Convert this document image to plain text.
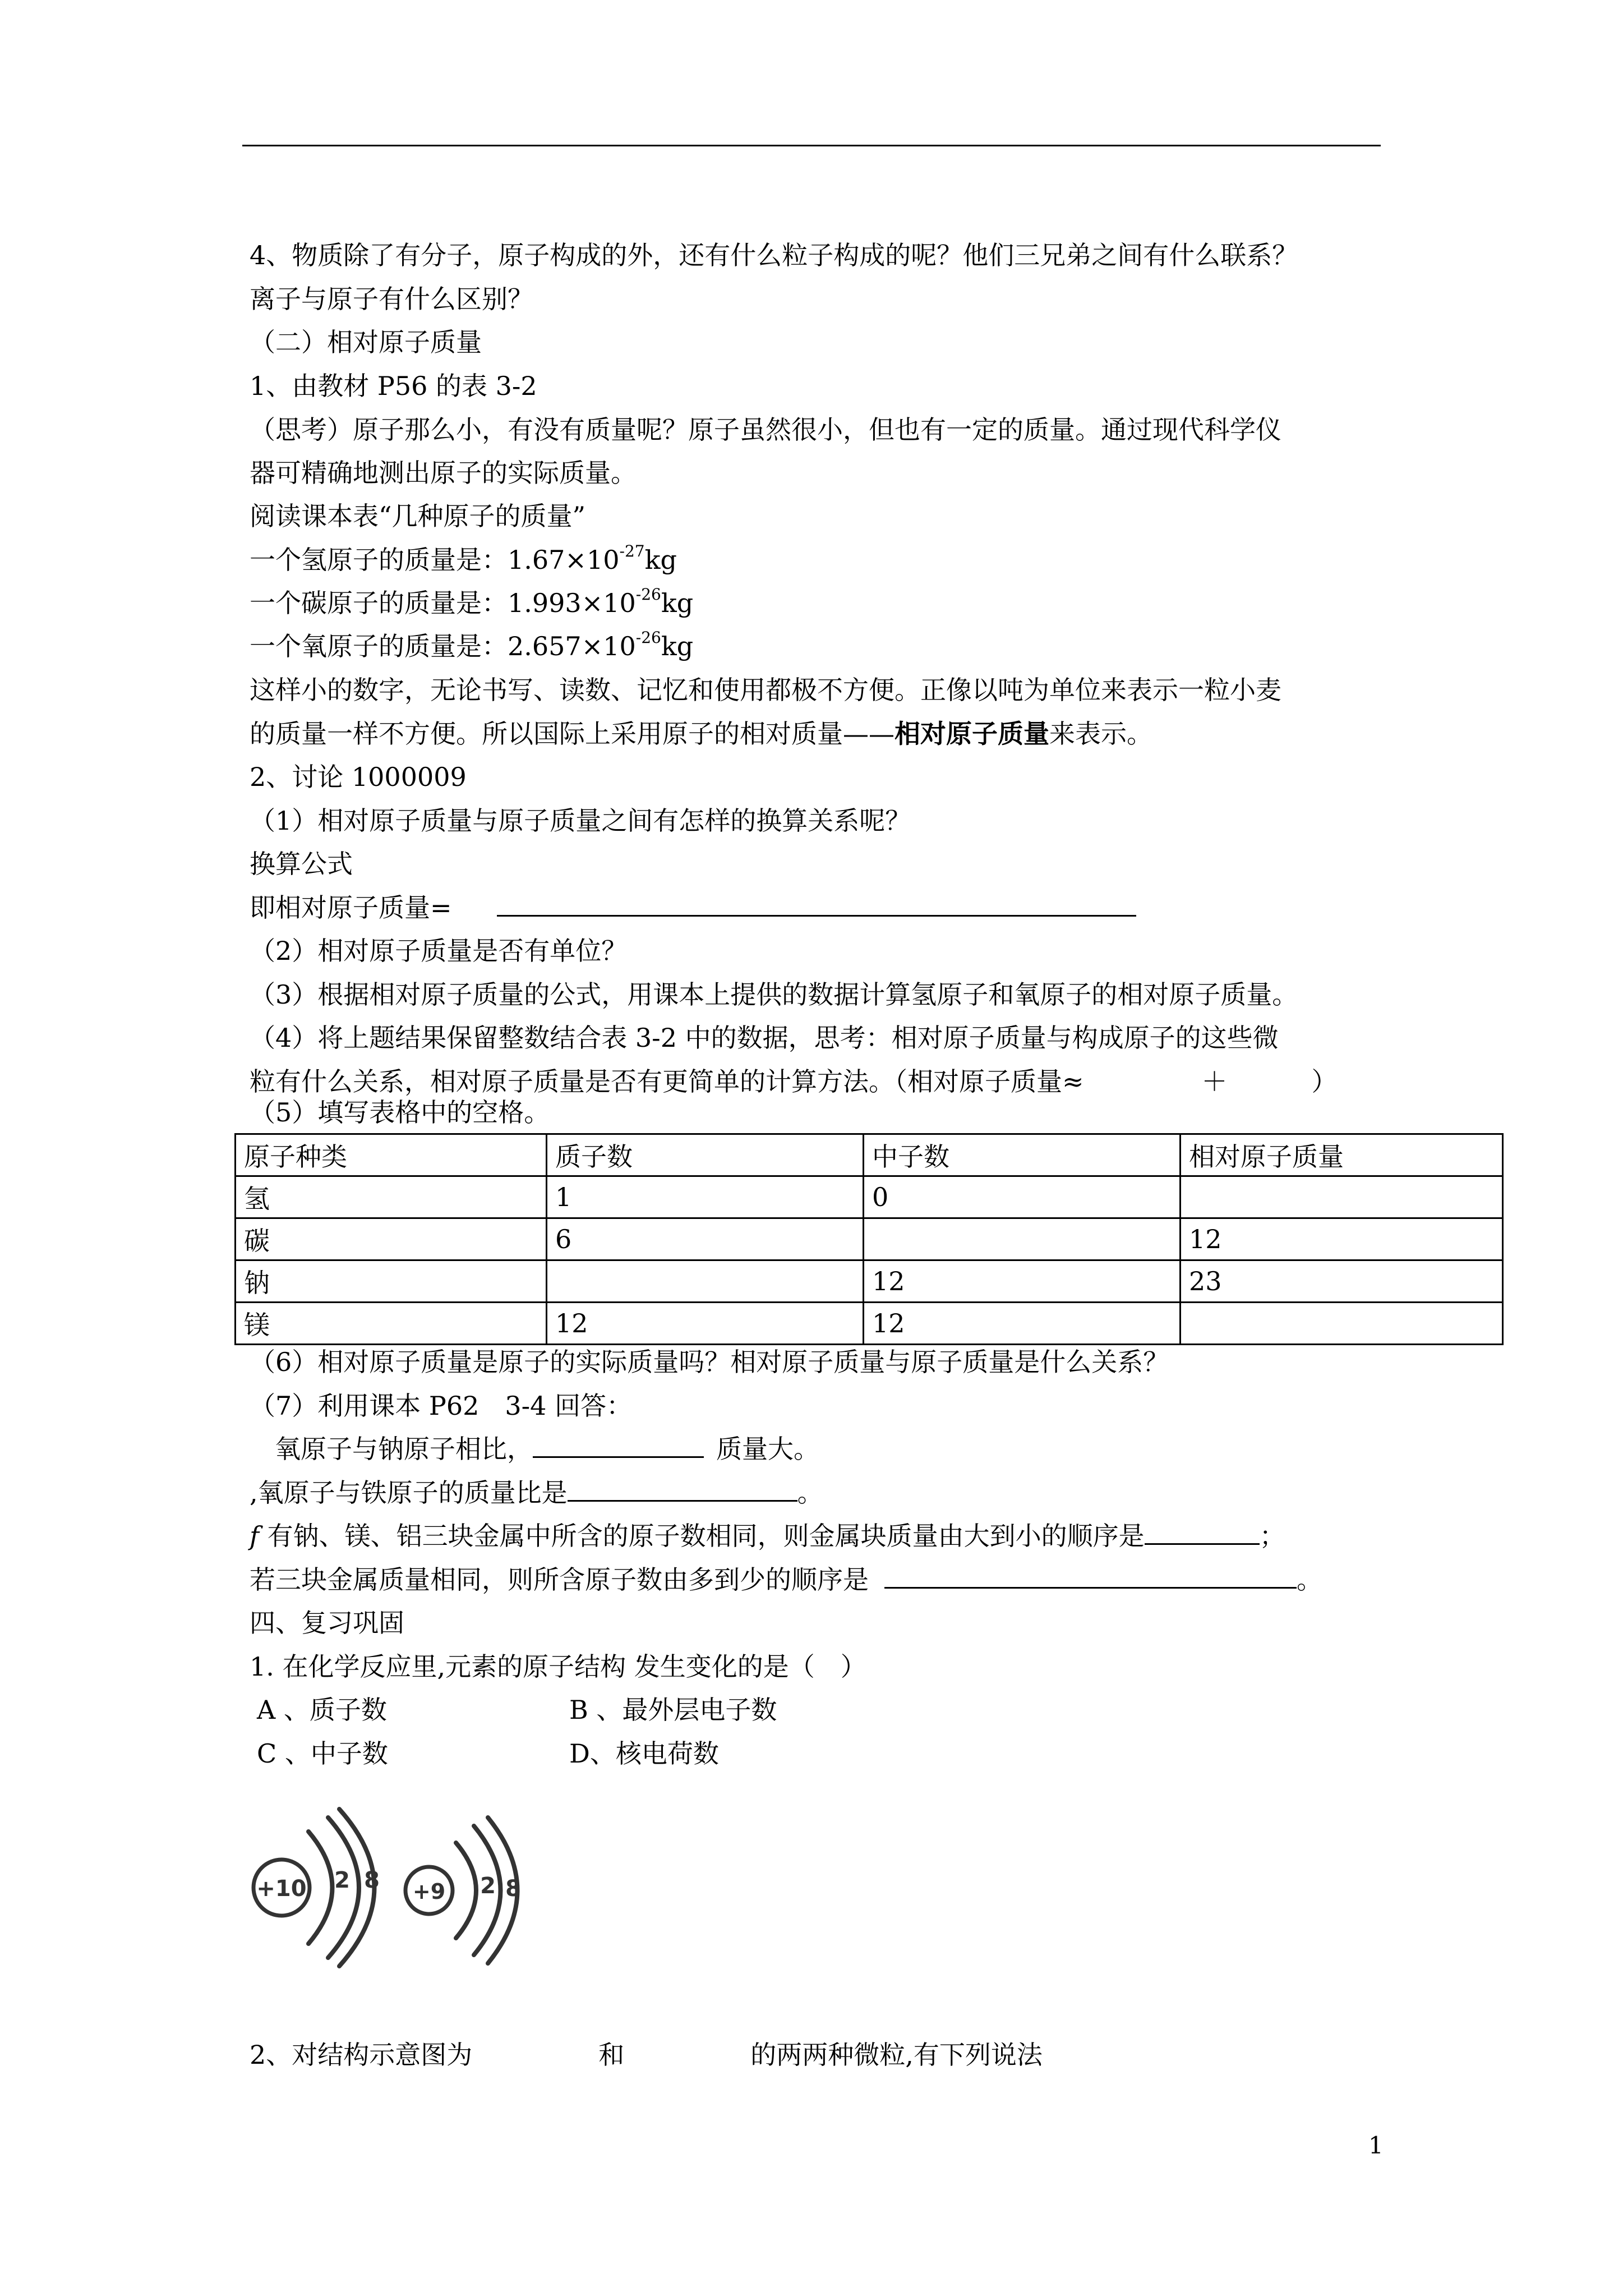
4、物质除了有分子，原子构成的外，还有什么粒子构成的呢？他们三兄弟之间有什么联系？
离子与原子有什么区别？
（二）相对原子质量
1、由教材 P56 的表 3-2
（思考）原子那么小，有没有质量呢？原子虽然很小，但也有一定的质量。通过现代科学仪
器可精确地测出原子的实际质量。
阅读课本表“几种原子的质量”
一个氢原子的质量是：$1.67\times 10^{-27}kg$
一个碳原子的质量是：$1.993\times 10^{-26}kg$
一个氧原子的质量是：$2.657\times 10^{-26}kg$
这样小的数字，无论书写、读数、记忆和使用都极不方便。正像以吨为单位来表示一粒小麦
的质量一样不方便。所以国际上采用原子的相对质量——相对原子质量来表示。
2、讨论 1000009
（1）相对原子质量与原子质量之间有怎样的换算关系呢？
换算公式
即相对原子质量=
（2）相对原子质量是否有单位？
（3）根据相对原子质量的公式，用课本上提供的数据计算氢原子和氧原子的相对原子质量。
（4）将上题结果保留整数结合表 3-2 中的数据，思考：相对原子质量与构成原子的这些微
粒有什么关系，相对原子质量是否有更简单的计算方法。（相对原子质量≈	＋	）
（5）填写表格中的空格。
原子种类	质子数	中子数	相对原子质量
氢	1	0	
碳	6		12
钠		12	23
镁	12	12	
（6）相对原子质量是原子的实际质量吗？相对原子质量与原子质量是什么关系？
（7）利用课本 P62　3-4 回答：
氧原子与钠原子相比，	质量大。
,氧原子与铁原子的质量比是	。
f 有钠、镁、铝三块金属中所含的原子数相同，则金属块质量由大到小的顺序是	；
若三块金属质量相同，则所含原子数由多到少的顺序是	。
四、复习巩固
1. 在化学反应里,元素的原子结构 发生变化的是（　）
A 、质子数	B 、最外层电子数
C 、中子数	D、核电荷数
+10 2 8 +9 2 8
2、对结构示意图为	和	的两两种微粒,有下列说法
1
